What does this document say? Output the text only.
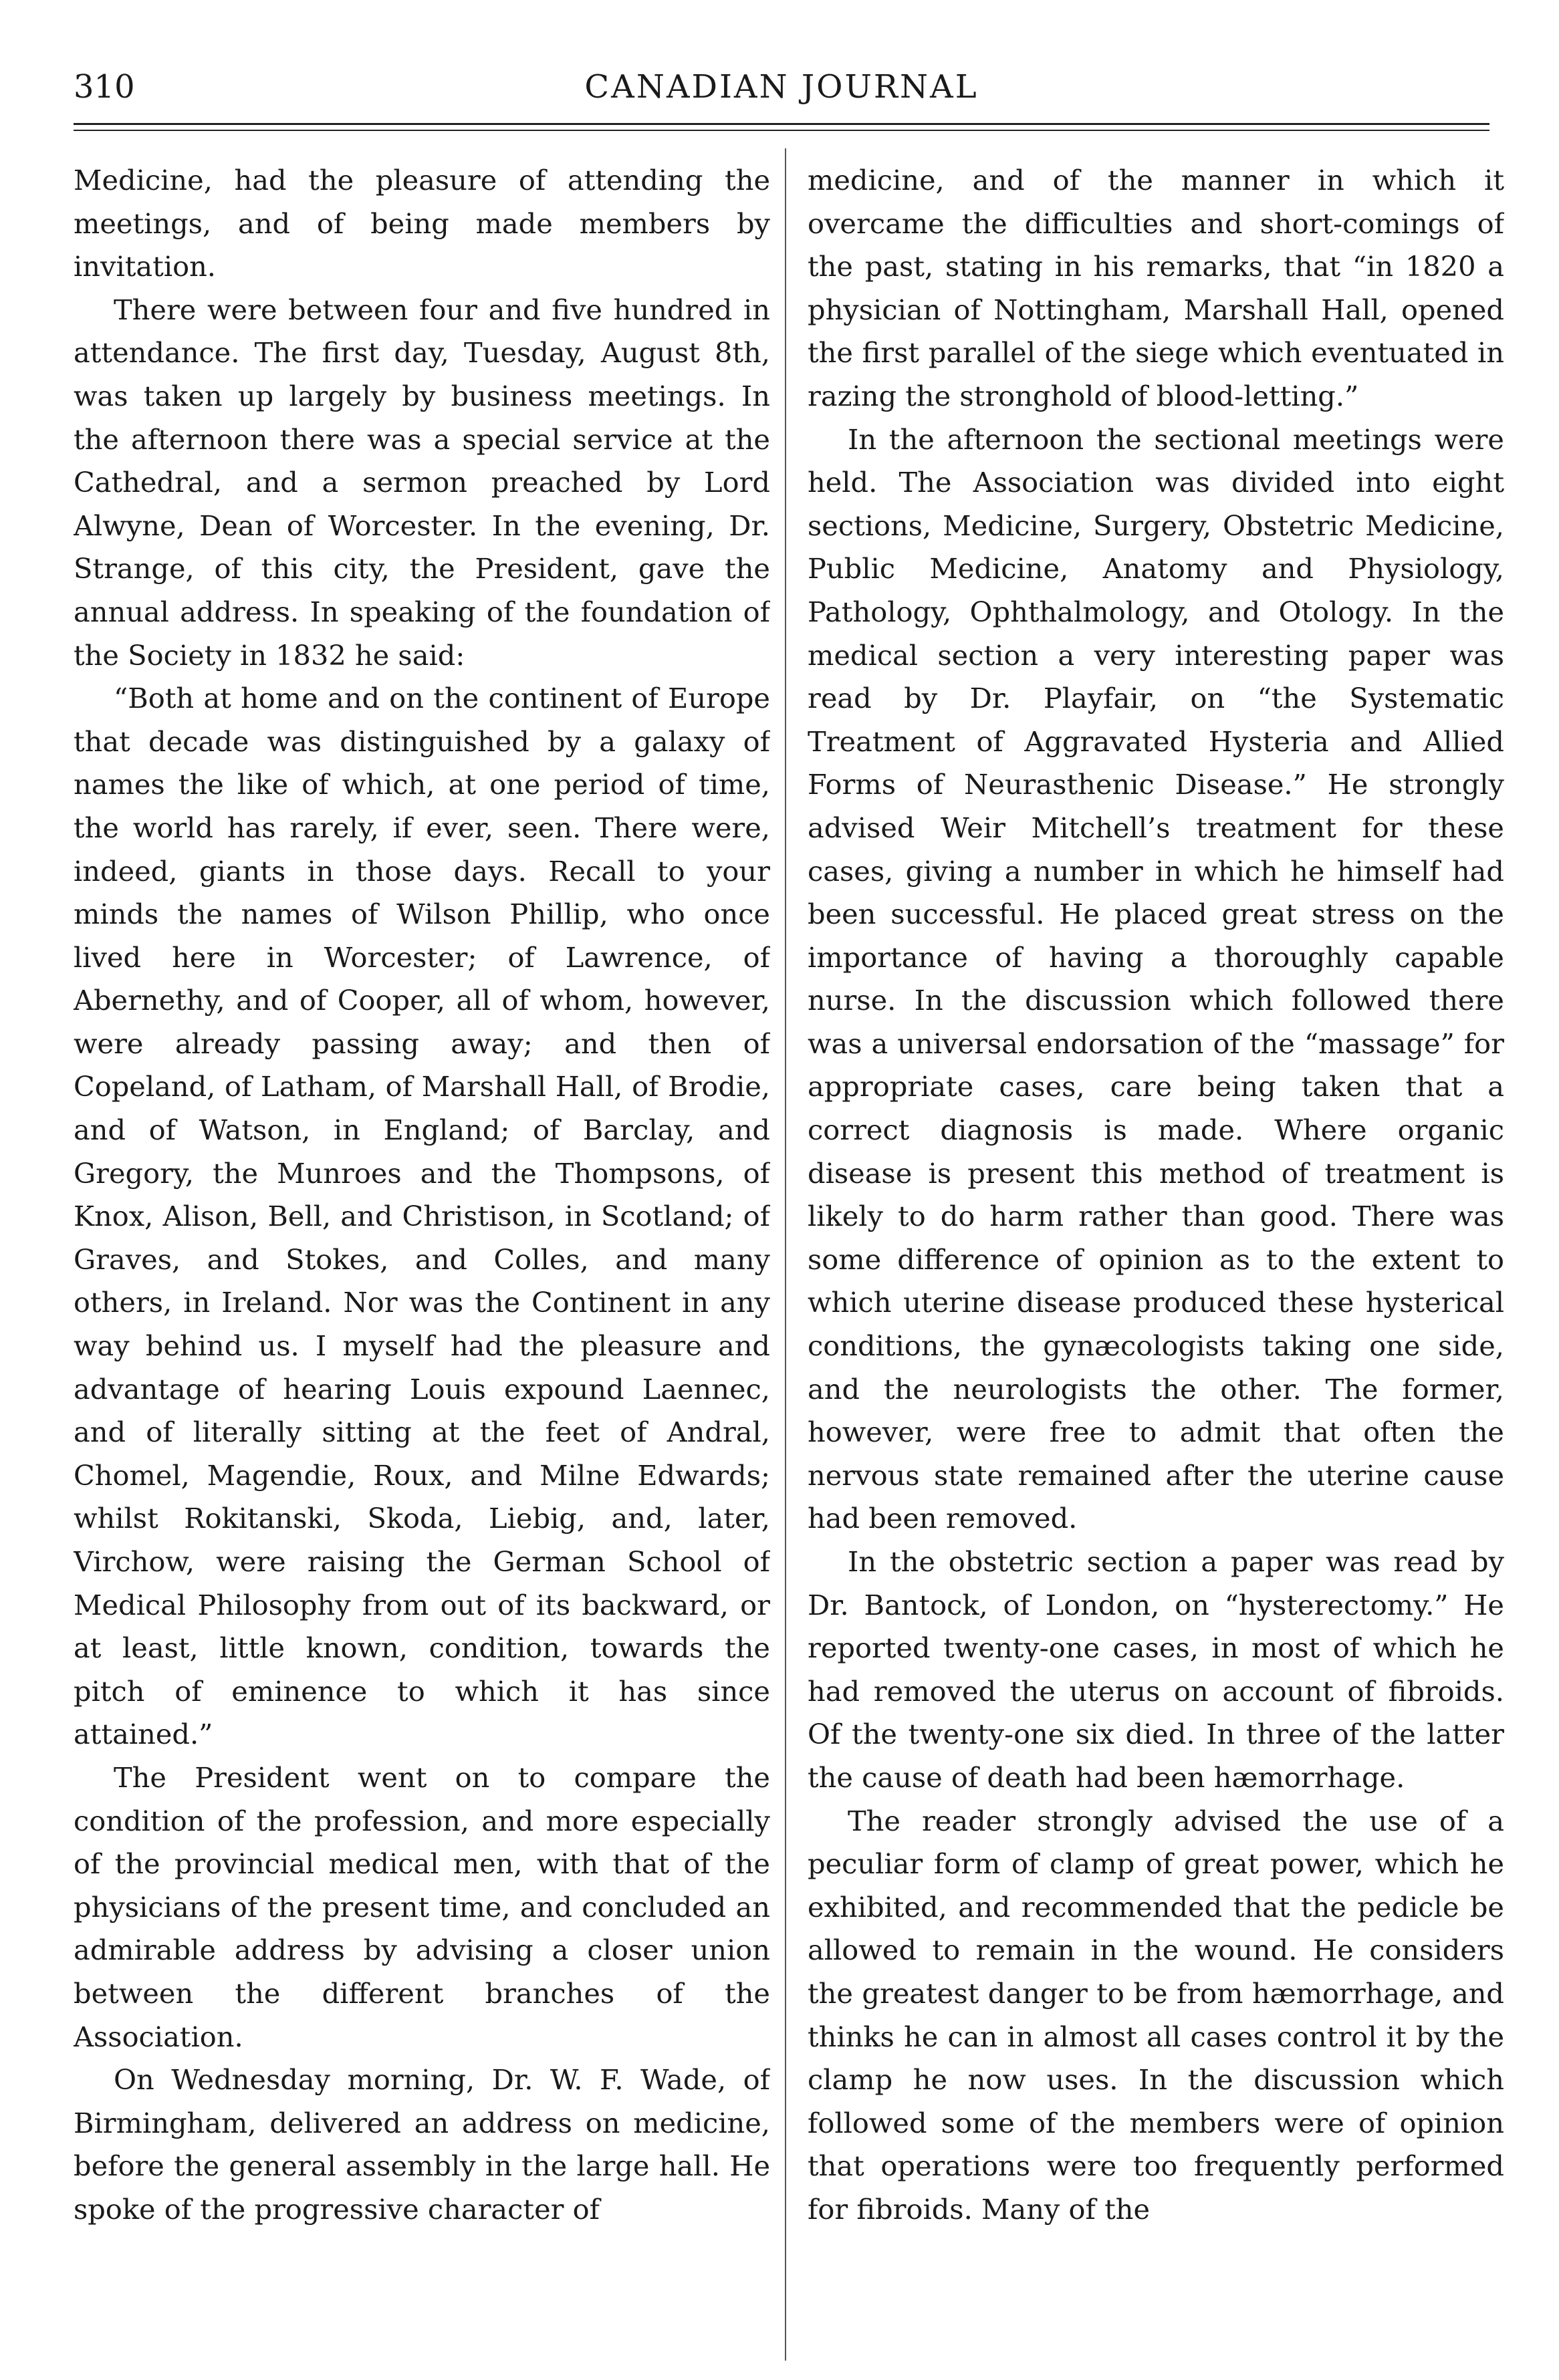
310	CANADIAN JOURNAL

Medicine, had the pleasure of attending the meetings, and of being made members by invitation.

There were between four and five hundred in attendance. The first day, Tuesday, August 8th, was taken up largely by business meetings. In the afternoon there was a special service at the Cathedral, and a sermon preached by Lord Alwyne, Dean of Worcester. In the evening, Dr. Strange, of this city, the President, gave the annual address. In speaking of the foundation of the Society in 1832 he said:

“Both at home and on the continent of Europe that decade was distinguished by a galaxy of names the like of which, at one period of time, the world has rarely, if ever, seen. There were, indeed, giants in those days. Recall to your minds the names of Wilson Phillip, who once lived here in Worcester; of Lawrence, of Abernethy, and of Cooper, all of whom, however, were already passing away; and then of Copeland, of Latham, of Marshall Hall, of Brodie, and of Watson, in England; of Barclay, and Gregory, the Munroes and the Thompsons, of Knox, Alison, Bell, and Christison, in Scotland; of Graves, and Stokes, and Colles, and many others, in Ireland. Nor was the Continent in any way behind us. I myself had the pleasure and advantage of hearing Louis expound Laennec, and of literally sitting at the feet of Andral, Chomel, Magendie, Roux, and Milne Edwards; whilst Rokitanski, Skoda, Liebig, and, later, Virchow, were raising the German School of Medical Philosophy from out of its backward, or at least, little known, condition, towards the pitch of eminence to which it has since attained.”

The President went on to compare the condition of the profession, and more especially of the provincial medical men, with that of the physicians of the present time, and concluded an admirable address by advising a closer union between the different branches of the Association.

On Wednesday morning, Dr. W. F. Wade, of Birmingham, delivered an address on medicine, before the general assembly in the large hall. He spoke of the progressive character of

medicine, and of the manner in which it overcame the difficulties and short-comings of the past, stating in his remarks, that “in 1820 a physician of Nottingham, Marshall Hall, opened the first parallel of the siege which eventuated in razing the stronghold of blood-letting.”

In the afternoon the sectional meetings were held. The Association was divided into eight sections, Medicine, Surgery, Obstetric Medicine, Public Medicine, Anatomy and Physiology, Pathology, Ophthalmology, and Otology. In the medical section a very interesting paper was read by Dr. Playfair, on “the Systematic Treatment of Aggravated Hysteria and Allied Forms of Neurasthenic Disease.” He strongly advised Weir Mitchell’s treatment for these cases, giving a number in which he himself had been successful. He placed great stress on the importance of having a thoroughly capable nurse. In the discussion which followed there was a universal endorsation of the “massage” for appropriate cases, care being taken that a correct diagnosis is made. Where organic disease is present this method of treatment is likely to do harm rather than good. There was some difference of opinion as to the extent to which uterine disease produced these hysterical conditions, the gynæcologists taking one side, and the neurologists the other. The former, however, were free to admit that often the nervous state remained after the uterine cause had been removed.

In the obstetric section a paper was read by Dr. Bantock, of London, on “hysterectomy.” He reported twenty-one cases, in most of which he had removed the uterus on account of fibroids. Of the twenty-one six died. In three of the latter the cause of death had been hæmorrhage.

The reader strongly advised the use of a peculiar form of clamp of great power, which he exhibited, and recommended that the pedicle be allowed to remain in the wound. He considers the greatest danger to be from hæmorrhage, and thinks he can in almost all cases control it by the clamp he now uses. In the discussion which followed some of the members were of opinion that operations were too frequently performed for fibroids. Many of the
